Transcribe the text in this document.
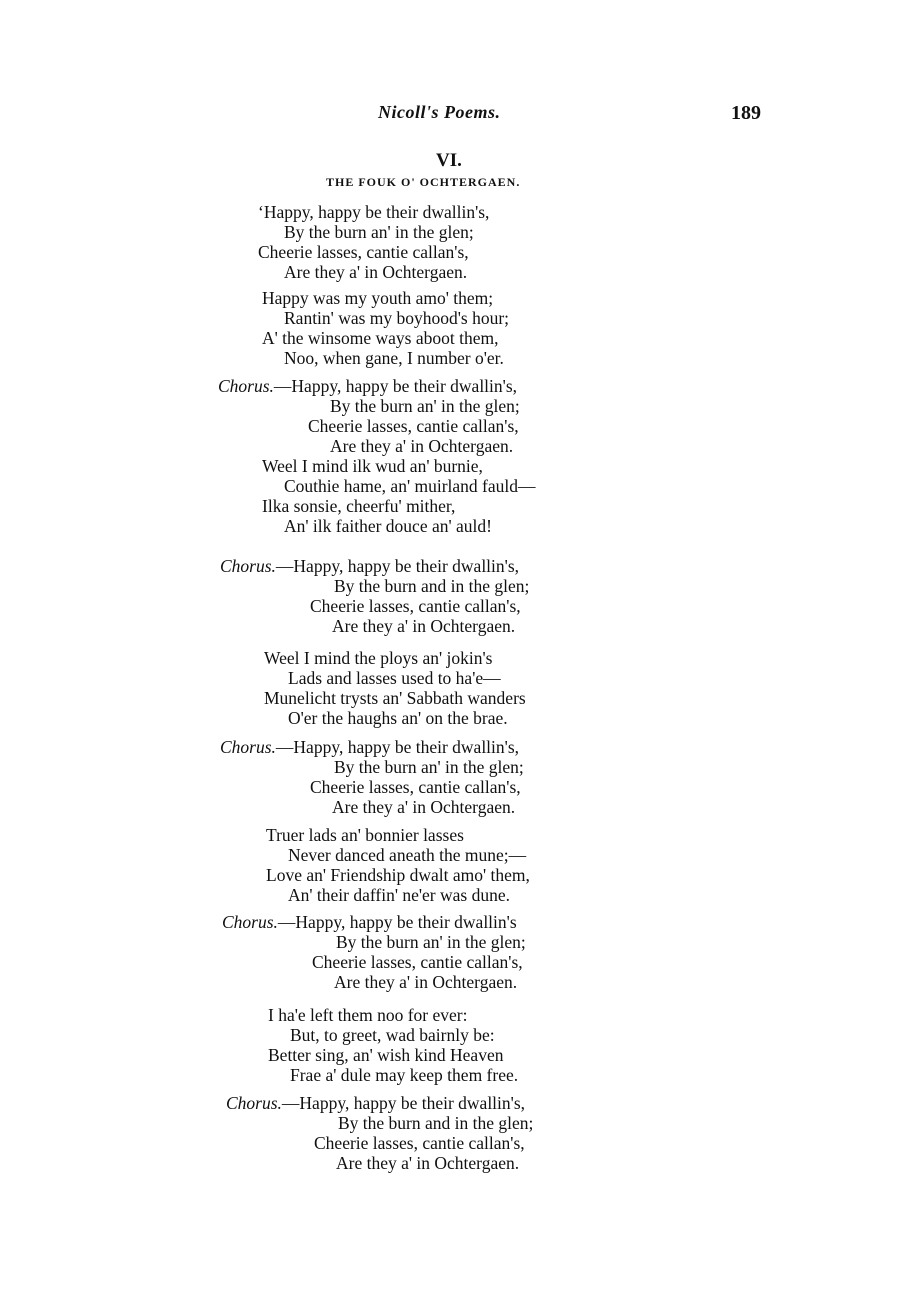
Nicoll's Poems.	189
VI.
THE FOUK O' OCHTERGAEN.
‘Happy, happy be their dwallin's,
By the burn an' in the glen;
Cheerie lasses, cantie callan's,
Are they a' in Ochtergaen.
Happy was my youth amo' them;
Rantin' was my boyhood's hour;
A' the winsome ways aboot them,
Noo, when gane, I number o'er.
Chorus.—Happy, happy be their dwallin's,
By the burn an' in the glen;
Cheerie lasses, cantie callan's,
Are they a' in Ochtergaen.
Weel I mind ilk wud an' burnie,
Couthie hame, an' muirland fauld—
Ilka sonsie, cheerfu' mither,
An' ilk faither douce an' auld!
Chorus.—Happy, happy be their dwallin's,
By the burn and in the glen;
Cheerie lasses, cantie callan's,
Are they a' in Ochtergaen.
Weel I mind the ploys an' jokin's
Lads and lasses used to ha'e—
Munelicht trysts an' Sabbath wanders
O'er the haughs an' on the brae.
Chorus.—Happy, happy be their dwallin's,
By the burn an' in the glen;
Cheerie lasses, cantie callan's,
Are they a' in Ochtergaen.
Truer lads an' bonnier lasses
Never danced aneath the mune;—
Love an' Friendship dwalt amo' them,
An' their daffin' ne'er was dune.
Chorus.—Happy, happy be their dwallin's
By the burn an' in the glen;
Cheerie lasses, cantie callan's,
Are they a' in Ochtergaen.
I ha'e left them noo for ever:
But, to greet, wad bairnly be:
Better sing, an' wish kind Heaven
Frae a' dule may keep them free.
Chorus.—Happy, happy be their dwallin's,
By the burn and in the glen;
Cheerie lasses, cantie callan's,
Are they a' in Ochtergaen.
